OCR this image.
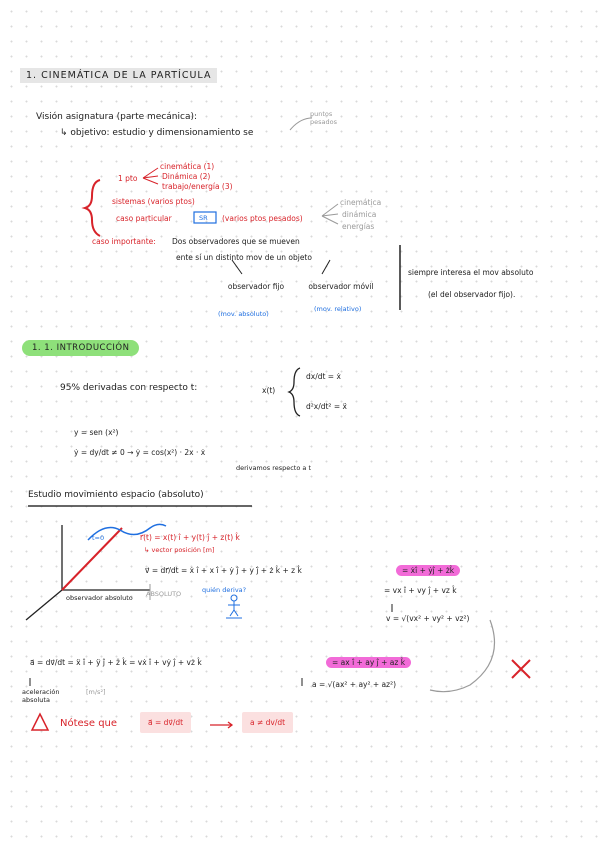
1. CINEMÁTICA DE LA PARTÍCULA
Visión asignatura (parte mecánica):
↳ objetivo: estudio y dimensionamiento se
puntos pesados
1 pto
cinemática (1)
Dinámica (2)
trabajo/energía (3)
sistemas (varios ptos)
caso particular	SR (varios ptos pesados)
cinemática
dinámica
energías
caso importante: Dos observadores que se mueven
ente sí un distinto mov de un objeto
observador fijo
(mov. absoluto)
observador móvil
(mov. relativo)
siempre interesa el mov absoluto
(el del observador fijo).
1. 1. INTRODUCCIÓN
95% derivadas con respecto t:	x(t)
dx/dt = ẋ
d²x/dt² = ẍ
y = sen (x²)
ẏ = dy/dt ≠ 0 → ẏ = cos(x²) · 2x · ẋ
derivamos respecto a t
Estudio movimiento espacio (absoluto)
t=0	r⃗(t) = x(t) î + y(t) ĵ + z(t) k̂
↳ vector posición [m]
observador absoluto
v⃗ = dr⃗/dt = ẋ î + x î̇ + ẏ ĵ + y ĵ̇ + ż k̂ + z k̂̇	= ẋî + ẏĵ + żk̂
ABSOLUTO	quién deriva?	= vx î + vy ĵ + vz k̂
v = √(vx² + vy² + vz²)
a⃗ = dv⃗/dt = ẍ î + ÿ ĵ + z̈ k̂ = vẋ î + vẏ ĵ + vż k̂	= ax î + ay ĵ + az k̂
a = √(ax² + ay² + az²)
aceleración absoluta
[m/s²]
Nótese que	a⃗ = dv⃗/dt	a ≠ dv/dt
